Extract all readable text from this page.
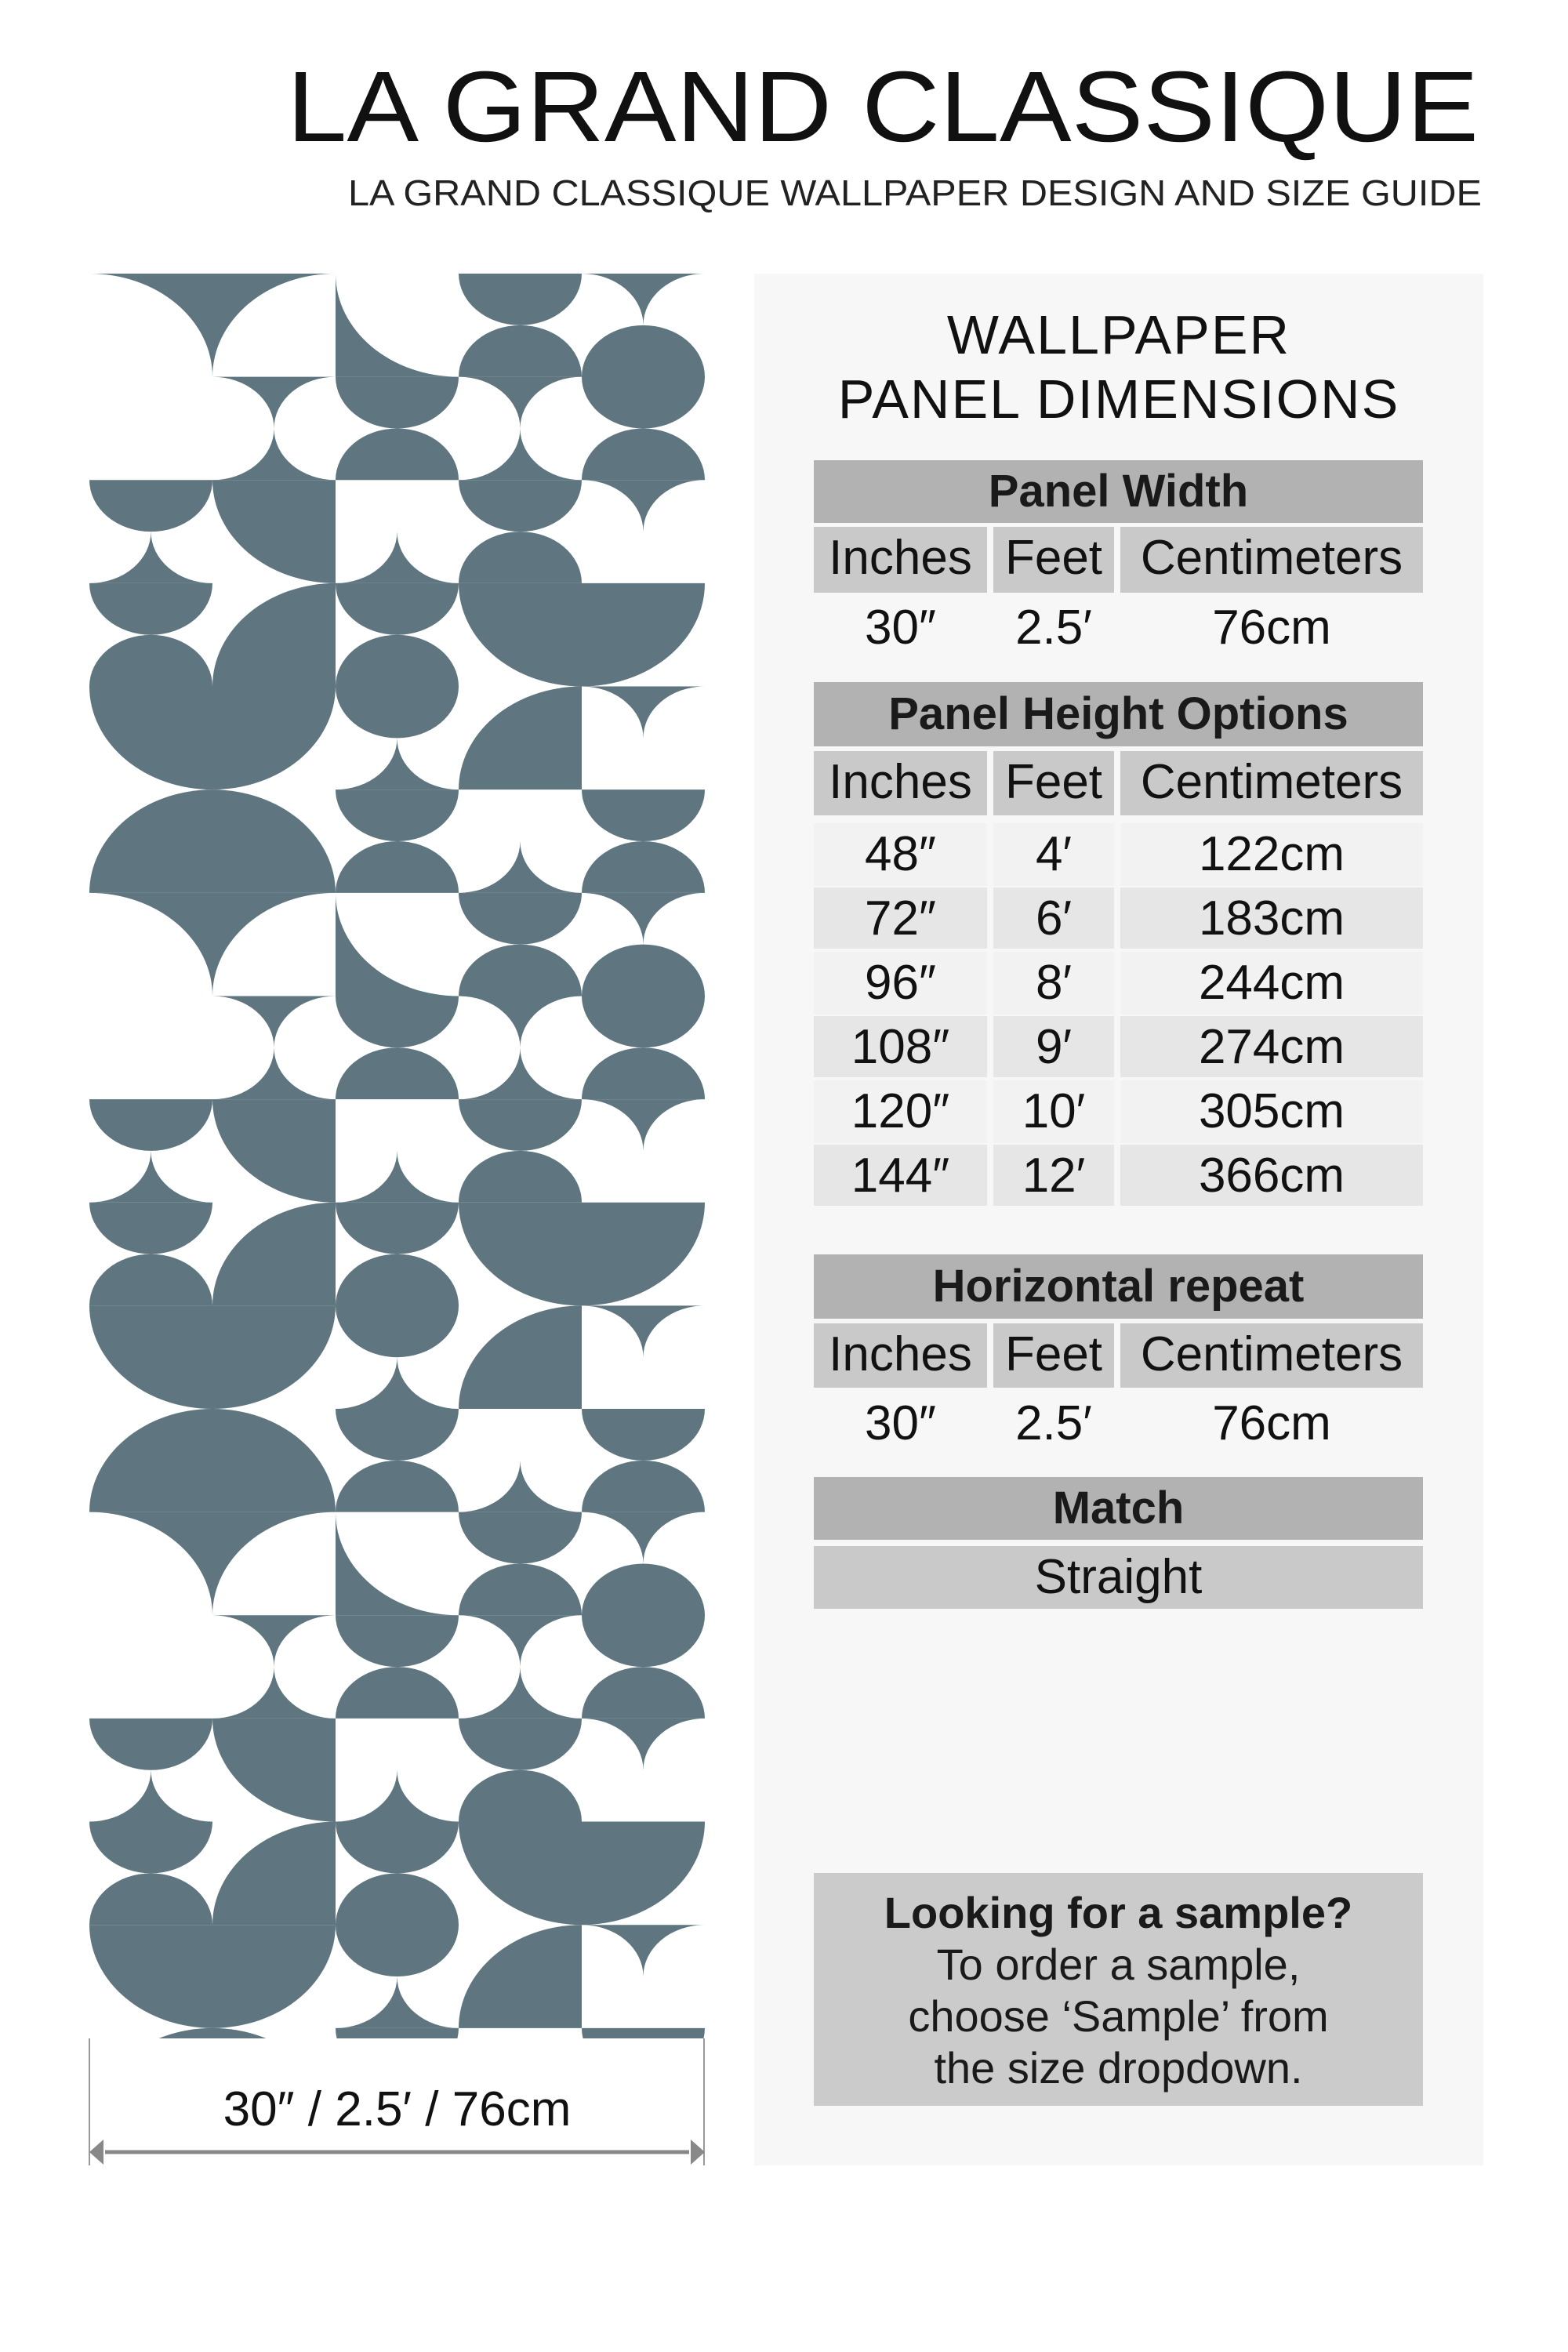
LA GRAND CLASSIQUE
LA GRAND CLASSIQUE WALLPAPER DESIGN AND SIZE GUIDE
30″ / 2.5′ / 76cm
WALLPAPER
PANEL DIMENSIONS
Panel Width
Inches Feet Centimeters
30″	2.5′	76cm
Panel Height Options
Inches Feet Centimeters
48″	4′	122cm
72″	6′	183cm
96″	8′	244cm
108″	9′	274cm
120″	10′	305cm
144″	12′	366cm
Horizontal repeat
Inches Feet Centimeters
30″	2.5′	76cm
Match
Straight
Looking for a sample?
To order a sample,
choose ‘Sample’ from
the size dropdown.
